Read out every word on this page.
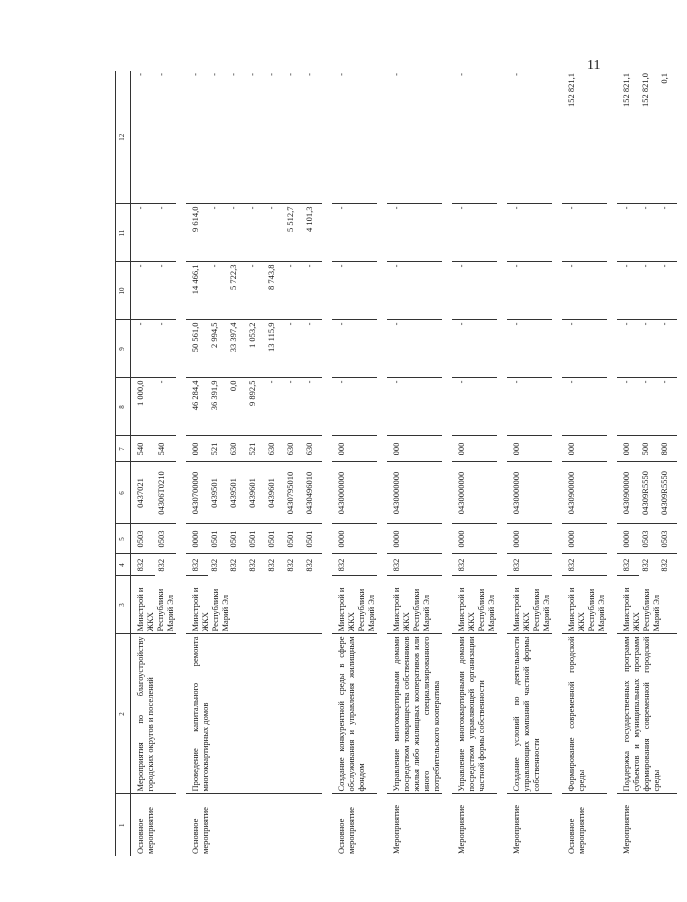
11
1	2	3	4	5	6	7	8	9	10	11	12
Основное мероприятие	Мероприятия по благоустройству городских округов и поселений	Минстрой и ЖКХ Республики Марий Эл	832	0503	0437021	540	1 000,0	-	-	-	-
			832	0503	04306Т0210	540	-	-	-	-	-

Основное мероприятие	Проведение капитального ремонта многоквартирных домов	Минстрой и ЖКХ Республики Марий Эл	832	0000	0430700000	000	46 284,4	50 561,0	14 466,1	9 614,0	-
			832	0501	0439501	521	36 391,9	2 994,5	-	-	-
			832	0501	0439501	630	0,0	33 397,4	5 722,3	-	-
			832	0501	0439601	521	9 892,5	1 053,2	-	-	-
			832	0501	0439601	630	-	13 115,9	8 743,8	-	-
			832	0501	0430795010	630	-	-	-	5 512,7	-
			832	0501	0430496010	630	-	-	-	4 101,3	-

Основное мероприятие	Создание конкурентной среды в сфере обслуживания и управления жилищным фондом	Минстрой и ЖКХ Республики Марий Эл	832	0000	0430000000	000	-	-	-	-	-

Мероприятие	Управление многоквартирными домами посредством товарищества собственников жилья либо жилищных кооперативов или иного специализированного потребительского кооператива	Минстрой и ЖКХ Республики Марий Эл	832	0000	0430000000	000	-	-	-	-	-

Мероприятие	Управление многоквартирными домами посредством управляющей организации частной формы собственности	Минстрой и ЖКХ Республики Марий Эл	832	0000	0430000000	000	-	-	-	-	-

Мероприятие	Создание условий по деятельности управляющих компаний частной формы собственности	Минстрой и ЖКХ Республики Марий Эл	832	0000	0430000000	000	-	-	-	-	-

Основное мероприятие	Формирование современной городской среды	Минстрой и ЖКХ Республики Марий Эл	832	0000	0430900000	000	-	-	-	-	152 821,1

Мероприятие	Поддержка государственных программ субъектов и муниципальных программ формирования современной городской среды	Минстрой и ЖКХ Республики Марий Эл	832	0000	0430900000	000	-	-	-	-	152 821,1
			832	0503	04309R5550	500	-	-	-	-	152 821,0
			832	0503	04309R5550	800	-	-	-	-	0,1
